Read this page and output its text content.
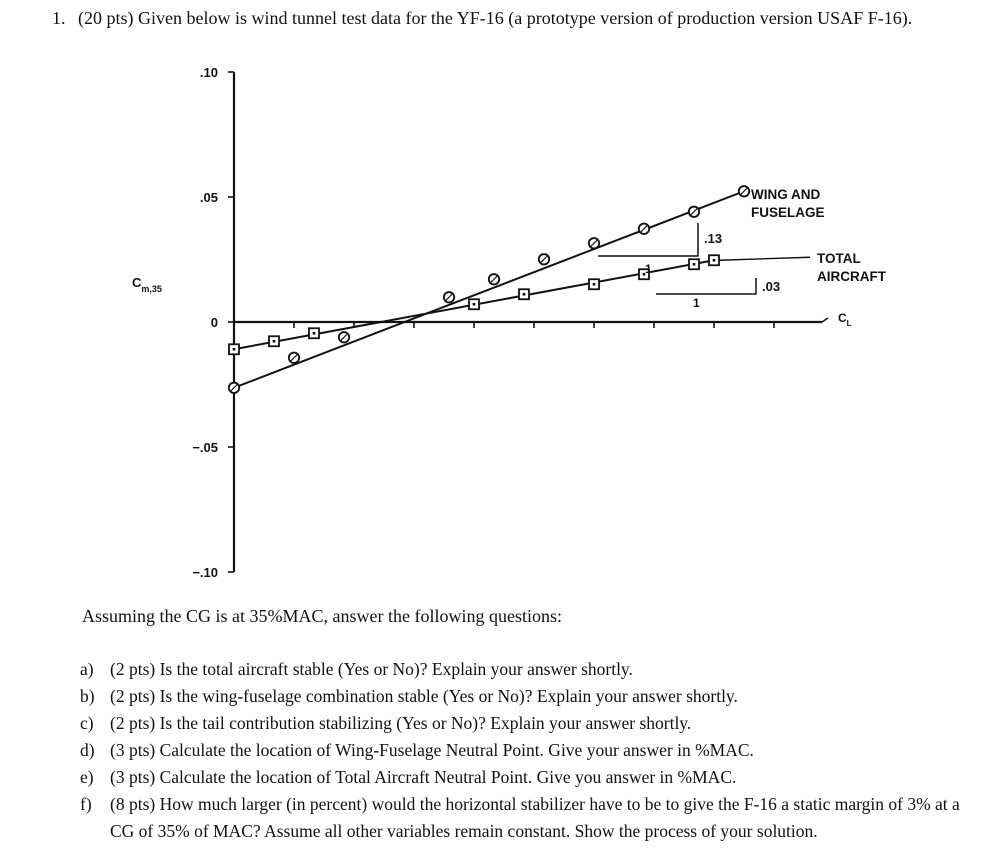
1. (20 pts) Given below is wind tunnel test data for the YF-16 (a prototype version of production version USAF F-16).
.10
.05
0
−.05
−.10
$C_{m,35}$
$C_L$
.13
1
.03
1
WING AND FUSELAGE
TOTAL AIRCRAFT
Assuming the CG is at 35%MAC, answer the following questions:
a) (2 pts) Is the total aircraft stable (Yes or No)? Explain your answer shortly.
b) (2 pts) Is the wing-fuselage combination stable (Yes or No)? Explain your answer shortly.
c) (2 pts) Is the tail contribution stabilizing (Yes or No)? Explain your answer shortly.
d) (3 pts) Calculate the location of Wing-Fuselage Neutral Point. Give your answer in %MAC.
e) (3 pts) Calculate the location of Total Aircraft Neutral Point. Give you answer in %MAC.
f)	(8 pts) How much larger (in percent) would the horizontal stabilizer have to be to give the F-16 a static margin of 3% at a CG of 35% of MAC? Assume all other variables remain constant. Show the process of your solution.
